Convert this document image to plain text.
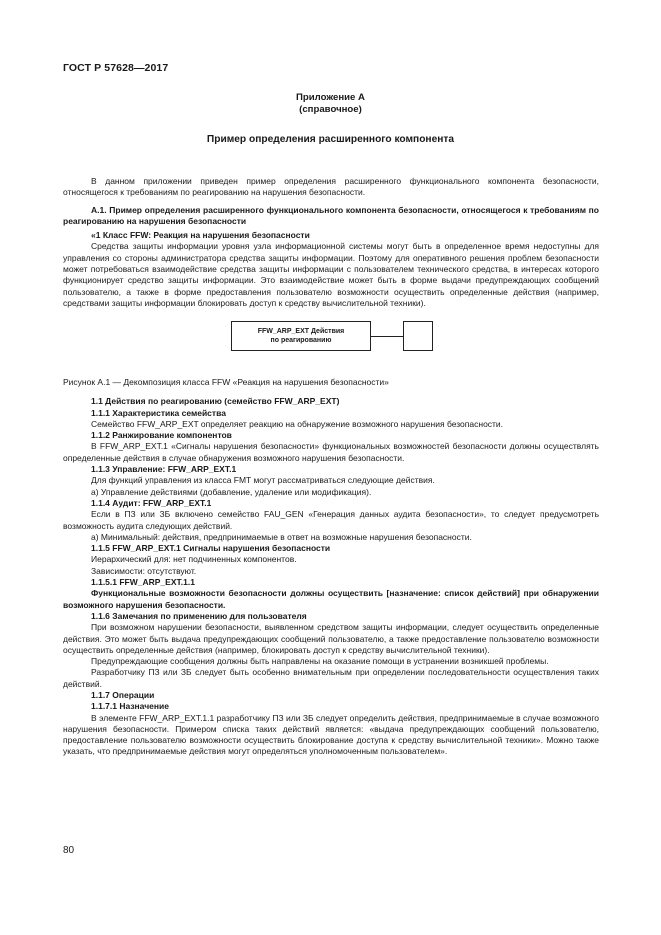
ГОСТ Р 57628—2017
Приложение А
(справочное)
Пример определения расширенного компонента

В данном приложении приведен пример определения расширенного функционального компонента безопасности, относящегося к требованиям по реагированию на нарушения безопасности.

А.1. Пример определения расширенного функционального компонента безопасности, относящегося к требованиям по реагированию на нарушения безопасности

«1 Класс FFW: Реакция на нарушения безопасности

Средства защиты информации уровня узла информационной системы могут быть в определенное время недоступны для управления со стороны администратора средства защиты информации. Поэтому для оперативного решения проблем безопасности может потребоваться взаимодействие средства защиты информации с пользователем технического средства, в интересах которого функционирует средство защиты информации. Это взаимодействие может быть в форме выдачи предупреждающих сообщений пользователю, а также в форме предоставления пользователю возможности осуществить определенные действия (например, средствами защиты информации блокировать доступ к средству вычислительной техники).

FFW_ARP_EXT Действия
по реагированию

Рисунок А.1 — Декомпозиция класса FFW «Реакция на нарушения безопасности»

1.1 Действия по реагированию (семейство FFW_ARP_EXT)

1.1.1 Характеристика семейства

Семейство FFW_ARP_EXT определяет реакцию на обнаружение возможного нарушения безопасности.

1.1.2 Ранжирование компонентов

В FFW_ARP_EXT.1 «Сигналы нарушения безопасности» функциональных возможностей безопасности должны осуществлять определенные действия в случае обнаружения возможного нарушения безопасности.

1.1.3 Управление: FFW_ARP_EXT.1

Для функций управления из класса FMT могут рассматриваться следующие действия.

а) Управление действиями (добавление, удаление или модификация).

1.1.4 Аудит: FFW_ARP_EXT.1

Если в ПЗ или ЗБ включено семейство FAU_GEN «Генерация данных аудита безопасности», то следует предусмотреть возможность аудита следующих действий.

а) Минимальный: действия, предпринимаемые в ответ на возможные нарушения безопасности.

1.1.5 FFW_ARP_EXT.1 Сигналы нарушения безопасности

Иерархический для: нет подчиненных компонентов.

Зависимости: отсутствуют.

1.1.5.1 FFW_ARP_EXT.1.1

Функциональные возможности безопасности должны осуществить [назначение: список действий] при обнаружении возможного нарушения безопасности.

1.1.6 Замечания по применению для пользователя

При возможном нарушении безопасности, выявленном средством защиты информации, следует осуществить определенные действия. Это может быть выдача предупреждающих сообщений пользователю, а также предоставление пользователю возможности осуществить определенные действия (например, блокировать доступ к средству вычислительной техники).

Предупреждающие сообщения должны быть направлены на оказание помощи в устранении возникшей проблемы.

Разработчику ПЗ или ЗБ следует быть особенно внимательным при определении последовательности осуществления таких действий.

1.1.7 Операции

1.1.7.1 Назначение

В элементе FFW_ARP_EXT.1.1 разработчику ПЗ или ЗБ следует определить действия, предпринимаемые в случае возможного нарушения безопасности. Примером списка таких действий является: «выдача предупреждающих сообщений пользователю, предоставление пользователю возможности осуществить блокирование доступа к средству вычислительной техники». Можно также указать, что предпринимаемые действия могут определяться уполномоченным пользователем».

80
